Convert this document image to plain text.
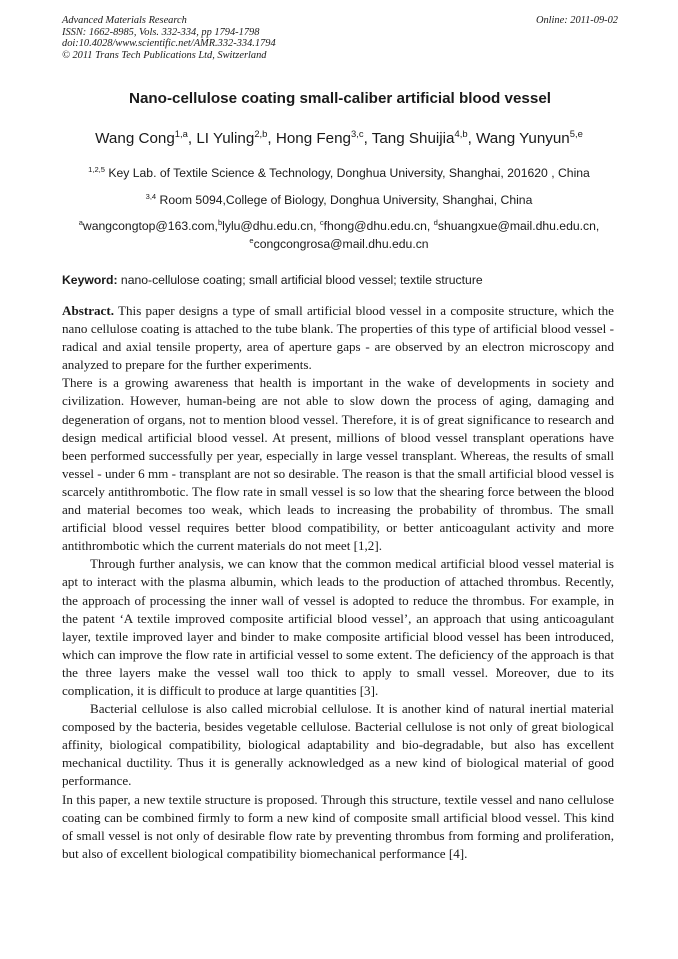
Advanced Materials Research
ISSN: 1662-8985, Vols. 332-334, pp 1794-1798
doi:10.4028/www.scientific.net/AMR.332-334.1794
© 2011 Trans Tech Publications Ltd, Switzerland
Online: 2011-09-02
Nano-cellulose coating small-caliber artificial blood vessel
Wang Cong$^{1,a}$, LI Yuling$^{2,b}$, Hong Feng$^{3,c}$, Tang Shuijia$^{4,b}$, Wang Yunyun$^{5,e}$
$^{1,2,5}$ Key Lab. of Textile Science & Technology, Donghua University, Shanghai, 201620 , China
$^{3,4}$ Room 5094,College of Biology, Donghua University, Shanghai, China
$^a$wangcongtop@163.com,$^b$lylu@dhu.edu.cn, $^c$fhong@dhu.edu.cn, $^d$shuangxue@mail.dhu.edu.cn,
$^e$congcongrosa@mail.dhu.edu.cn
Keyword: nano-cellulose coating; small artificial blood vessel; textile structure

Abstract. This paper designs a type of small artificial blood vessel in a composite structure, which the nano cellulose coating is attached to the tube blank. The properties of this type of artificial blood vessel - radical and axial tensile property, area of aperture gaps - are observed by an electron microscopy and analyzed to prepare for the further experiments.

There is a growing awareness that health is important in the wake of developments in society and civilization. However, human-being are not able to slow down the process of aging, damaging and degeneration of organs, not to mention blood vessel. Therefore, it is of great significance to research and design medical artificial blood vessel. At present, millions of blood vessel transplant operations have been performed successfully per year, especially in large vessel transplant. Whereas, the results of small vessel - under 6 mm - transplant are not so desirable. The reason is that the small artificial blood vessel is scarcely antithrombotic. The flow rate in small vessel is so low that the shearing force between the blood and material becomes too weak, which leads to increasing the probability of thrombus. The small artificial blood vessel requires better blood compatibility, or better anticoagulant activity and more antithrombotic which the current materials do not meet [1,2].

Through further analysis, we can know that the common medical artificial blood vessel material is apt to interact with the plasma albumin, which leads to the production of attached thrombus. Recently, the approach of processing the inner wall of vessel is adopted to reduce the thrombus. For example, in the patent ‘A textile improved composite artificial blood vessel’, an approach that using anticoagulant layer, textile improved layer and binder to make composite artificial blood vessel has been introduced, which can improve the flow rate in artificial vessel to some extent. The deficiency of the approach is that the three layers make the vessel wall too thick to apply to small vessel. Moreover, due to its complication, it is difficult to produce at large quantities [3].

Bacterial cellulose is also called microbial cellulose. It is another kind of natural inertial material composed by the bacteria, besides vegetable cellulose. Bacterial cellulose is not only of great biological affinity, biological compatibility, biological adaptability and bio-degradable, but also has excellent mechanical ductility. Thus it is generally acknowledged as a new kind of biological material of good performance.

In this paper, a new textile structure is proposed. Through this structure, textile vessel and nano cellulose coating can be combined firmly to form a new kind of composite small artificial blood vessel. This kind of small vessel is not only of desirable flow rate by preventing thrombus from forming and proliferation, but also of excellent biological compatibility biomechanical performance [4].
